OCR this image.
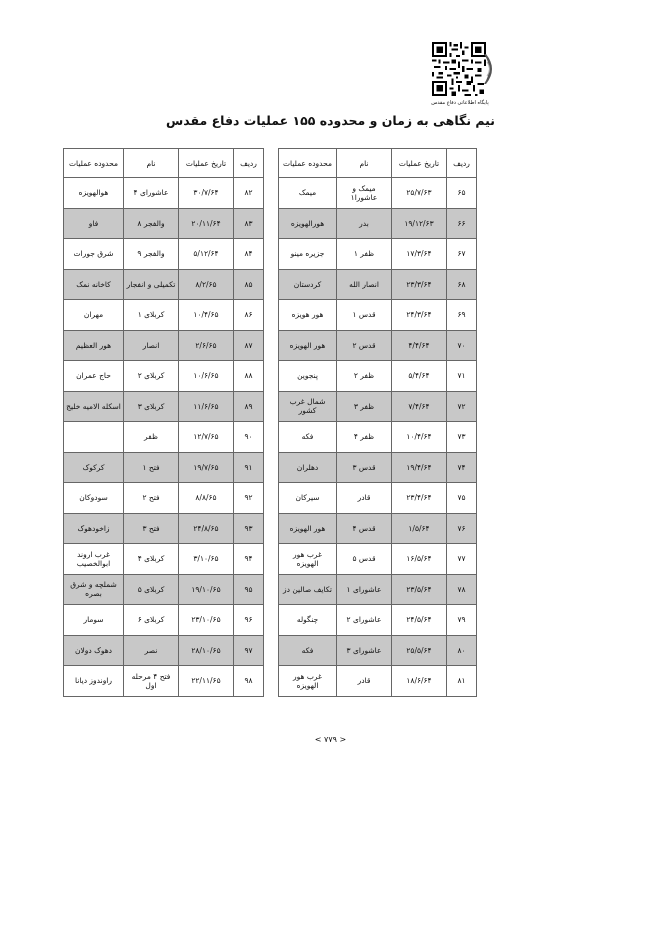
پایگاه اطلاعاتی دفاع مقدس
نیم نگاهی به زمان و محدوده ۱۵۵ عملیات دفاع مقدس
ردیف	تاریخ عملیات	نام	محدوده عملیات
۶۵	۲۵/۷/۶۳	میمک و عاشورا۱	میمک
۶۶	۱۹/۱۲/۶۳	بدر	هورالهویزه
۶۷	۱۷/۳/۶۴	ظفر ۱	جزیره مینو
۶۸	۲۳/۳/۶۴	انصار الله	کردستان
۶۹	۲۴/۳/۶۴	قدس ۱	هور هویزه
۷۰	۴/۴/۶۴	قدس ۲	هور الهویزه
۷۱	۵/۴/۶۴	ظفر ۲	پنجوین
۷۲	۷/۴/۶۴	ظفر ۳	شمال غرب کشور
۷۳	۱۰/۴/۶۴	ظفر ۴	فکه
۷۴	۱۹/۴/۶۴	قدس ۳	دهلران
۷۵	۲۳/۴/۶۴	قادر	سیرکان
۷۶	۱/۵/۶۴	قدس ۴	هور الهویزه
۷۷	۱۶/۵/۶۴	قدس ۵	غرب هور الهویزه
۷۸	۲۳/۵/۶۴	عاشورای ۱	تکایف صالین دز
۷۹	۲۴/۵/۶۴	عاشورای ۲	چنگوله
۸۰	۲۵/۵/۶۴	عاشورای ۳	فکه
۸۱	۱۸/۶/۶۴	قادر	غرب هور الهویزه
ردیف	تاریخ عملیات	نام	محدوده عملیات
۸۲	۳۰/۷/۶۴	عاشورای ۴	هوالهویزه
۸۳	۲۰/۱۱/۶۴	والفجر ۸	فاو
۸۴	۵/۱۲/۶۴	والفجر ۹	شرق جورات
۸۵	۸/۲/۶۵	تکمیلی و انفجار	کاخانه نمک
۸۶	۱۰/۴/۶۵	کربلای ۱	مهران
۸۷	۲/۶/۶۵	انصار	هور العظیم
۸۸	۱۰/۶/۶۵	کربلای ۲	حاج عمران
۸۹	۱۱/۶/۶۵	کربلای ۳	اسکله الامیه خلیج
۹۰	۱۲/۷/۶۵	ظفر	
۹۱	۱۹/۷/۶۵	فتح ۱	کرکوک
۹۲	۸/۸/۶۵	فتح ۲	سودوکان
۹۳	۲۴/۸/۶۵	فتح ۳	زاخودهوک
۹۴	۳/۱۰/۶۵	کربلای ۴	غرب اروند ابوالخصیب
۹۵	۱۹/۱۰/۶۵	کربلای ۵	شملچه و شرق بصره
۹۶	۲۳/۱۰/۶۵	کربلای ۶	سومار
۹۷	۲۸/۱۰/۶۵	نصر	دهوک دولان
۹۸	۲۲/۱۱/۶۵	فتح ۴ مرحله اول	راوندوز دیانا
< ۷۷۹ >
